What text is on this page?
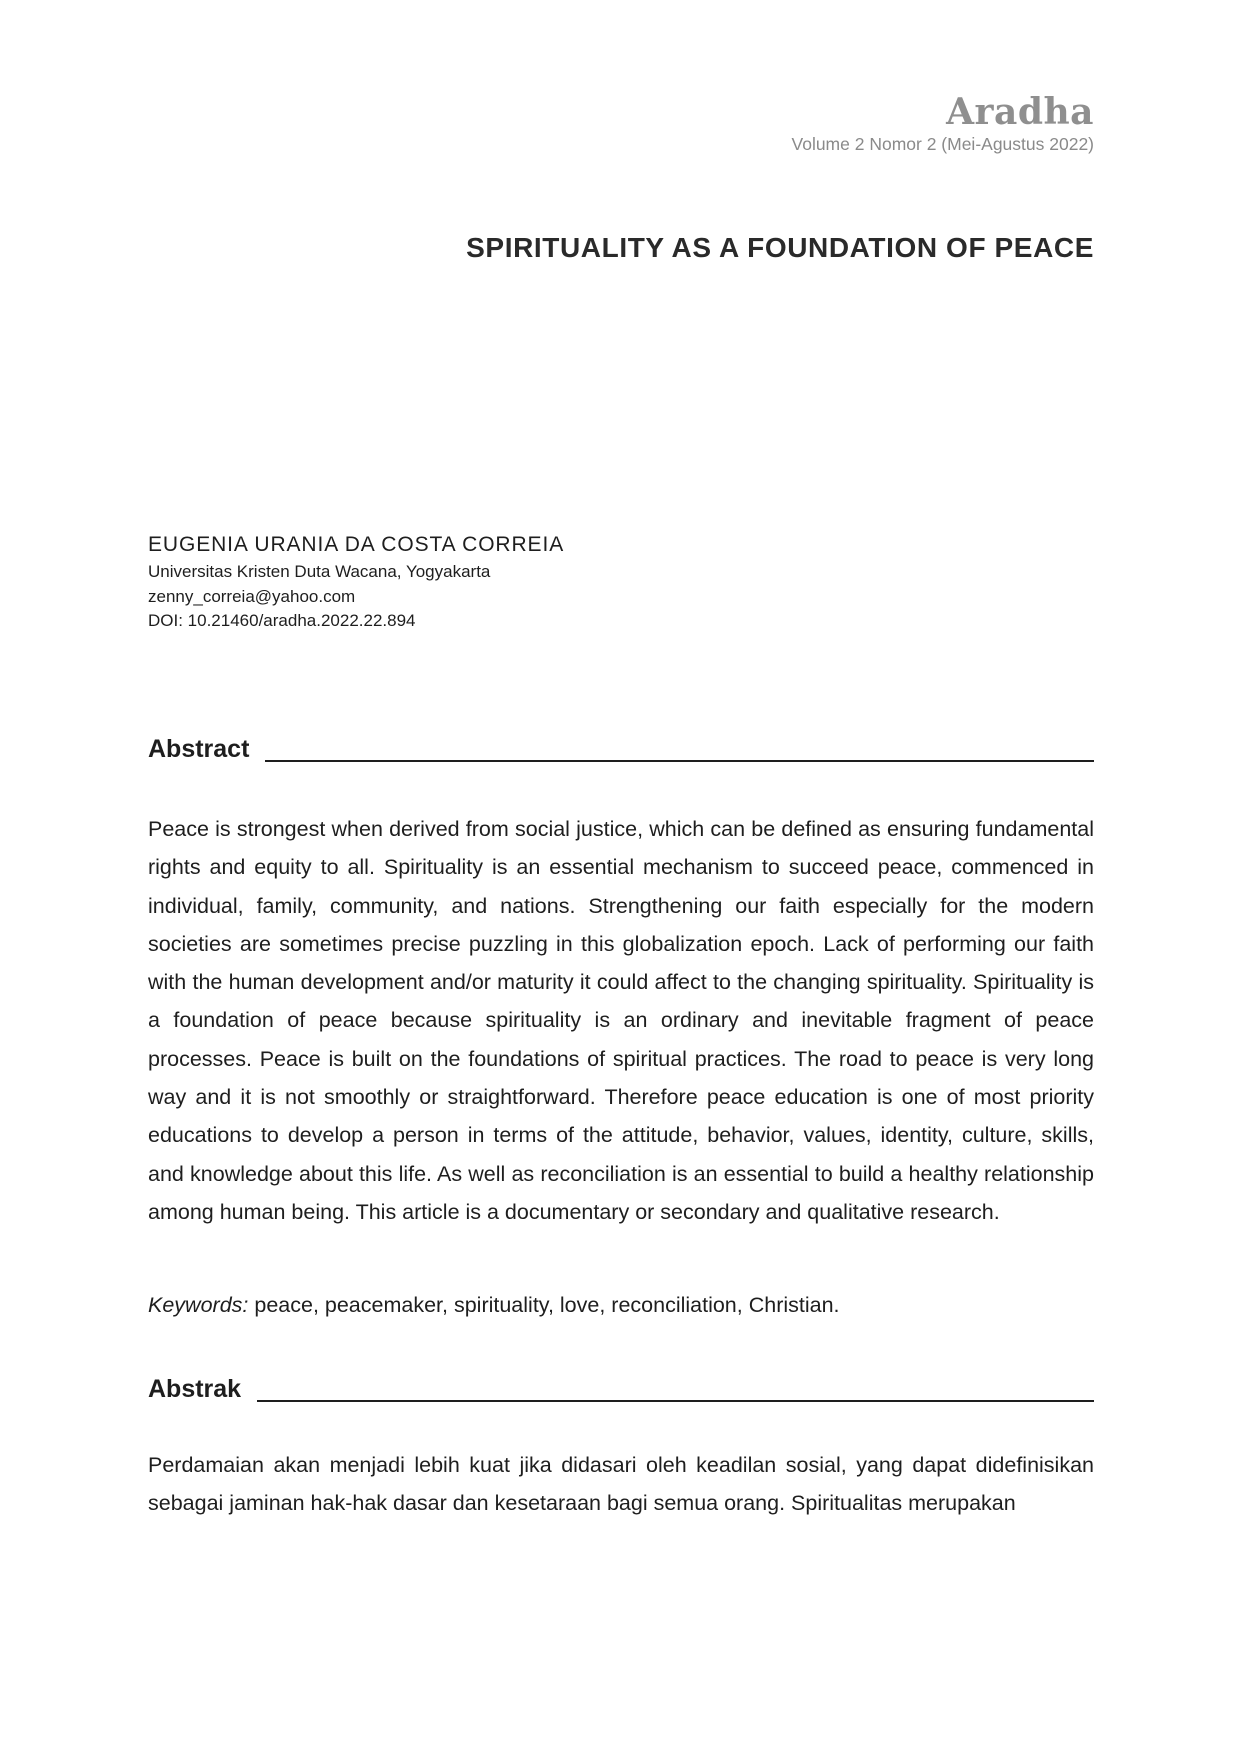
Aradha
Volume 2 Nomor 2 (Mei-Agustus 2022)
SPIRITUALITY AS A FOUNDATION OF PEACE
EUGENIA URANIA DA COSTA CORREIA
Universitas Kristen Duta Wacana, Yogyakarta
zenny_correia@yahoo.com
DOI: 10.21460/aradha.2022.22.894
Abstract

Peace is strongest when derived from social justice, which can be defined as ensuring fundamental rights and equity to all. Spirituality is an essential mechanism to succeed peace, commenced in individual, family, community, and nations. Strengthening our faith especially for the modern societies are sometimes precise puzzling in this globalization epoch. Lack of performing our faith with the human development and/or maturity it could affect to the changing spirituality. Spirituality is a foundation of peace because spirituality is an ordinary and inevitable fragment of peace processes. Peace is built on the foundations of spiritual practices. The road to peace is very long way and it is not smoothly or straightforward. Therefore peace education is one of most priority educations to develop a person in terms of the attitude, behavior, values, identity, culture, skills, and knowledge about this life. As well as reconciliation is an essential to build a healthy relationship among human being. This article is a documentary or secondary and qualitative research.

Keywords: peace, peacemaker, spirituality, love, reconciliation, Christian.
Abstrak

Perdamaian akan menjadi lebih kuat jika didasari oleh keadilan sosial, yang dapat didefinisikan sebagai jaminan hak-hak dasar dan kesetaraan bagi semua orang. Spiritualitas merupakan
